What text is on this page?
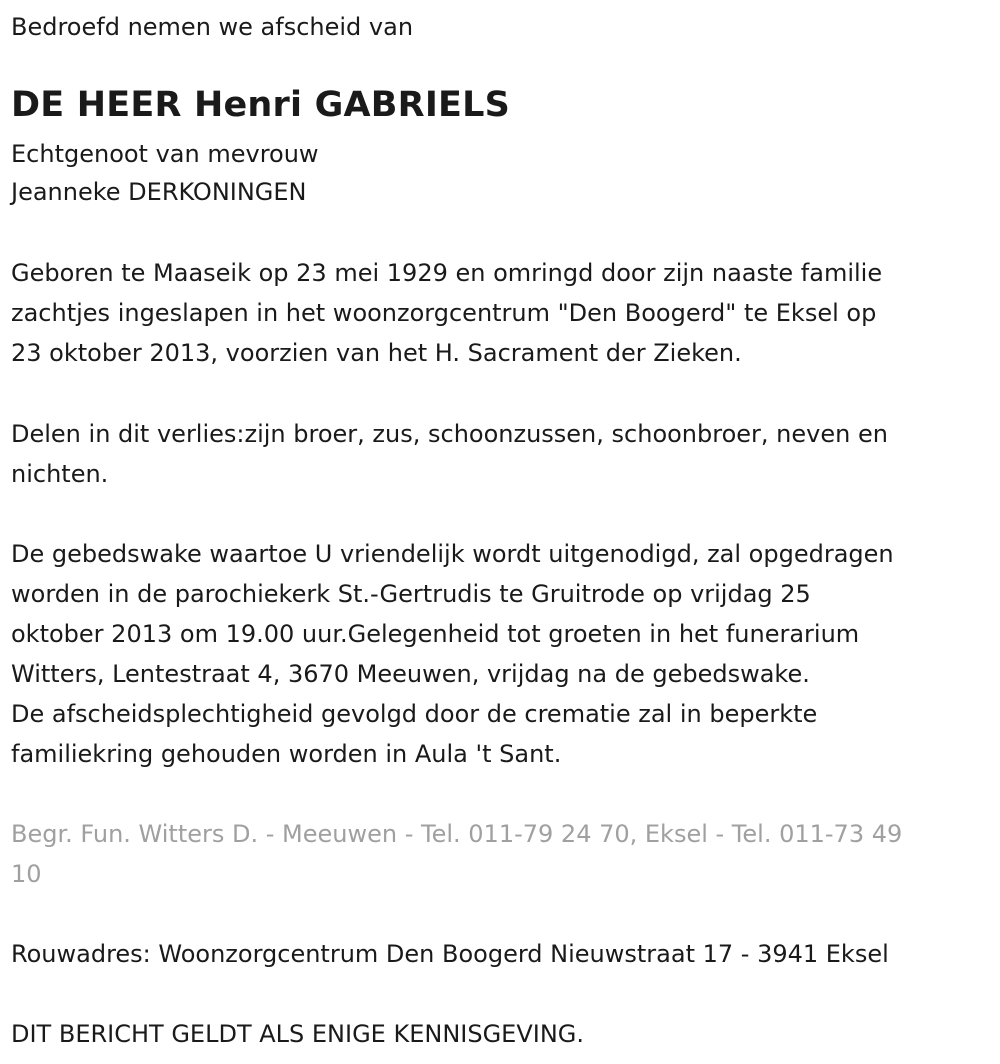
Bedroefd nemen we afscheid van
DE HEER Henri GABRIELS
Echtgenoot van mevrouw
Jeanneke DERKONINGEN
Geboren te Maaseik op 23 mei 1929 en omringd door zijn naaste familie
zachtjes ingeslapen in het woonzorgcentrum "Den Boogerd" te Eksel op
23 oktober 2013, voorzien van het H. Sacrament der Zieken.
Delen in dit verlies:zijn broer, zus, schoonzussen, schoonbroer, neven en
nichten.
De gebedswake waartoe U vriendelijk wordt uitgenodigd, zal opgedragen
worden in de parochiekerk St.-Gertrudis te Gruitrode op vrijdag 25
oktober 2013 om 19.00 uur.Gelegenheid tot groeten in het funerarium
Witters, Lentestraat 4, 3670 Meeuwen, vrijdag na de gebedswake.
De afscheidsplechtigheid gevolgd door de crematie zal in beperkte
familiekring gehouden worden in Aula 't Sant.
Begr. Fun. Witters D. - Meeuwen - Tel. 011-79 24 70, Eksel - Tel. 011-73 49
10
Rouwadres: Woonzorgcentrum Den Boogerd Nieuwstraat 17 - 3941 Eksel
DIT BERICHT GELDT ALS ENIGE KENNISGEVING.
